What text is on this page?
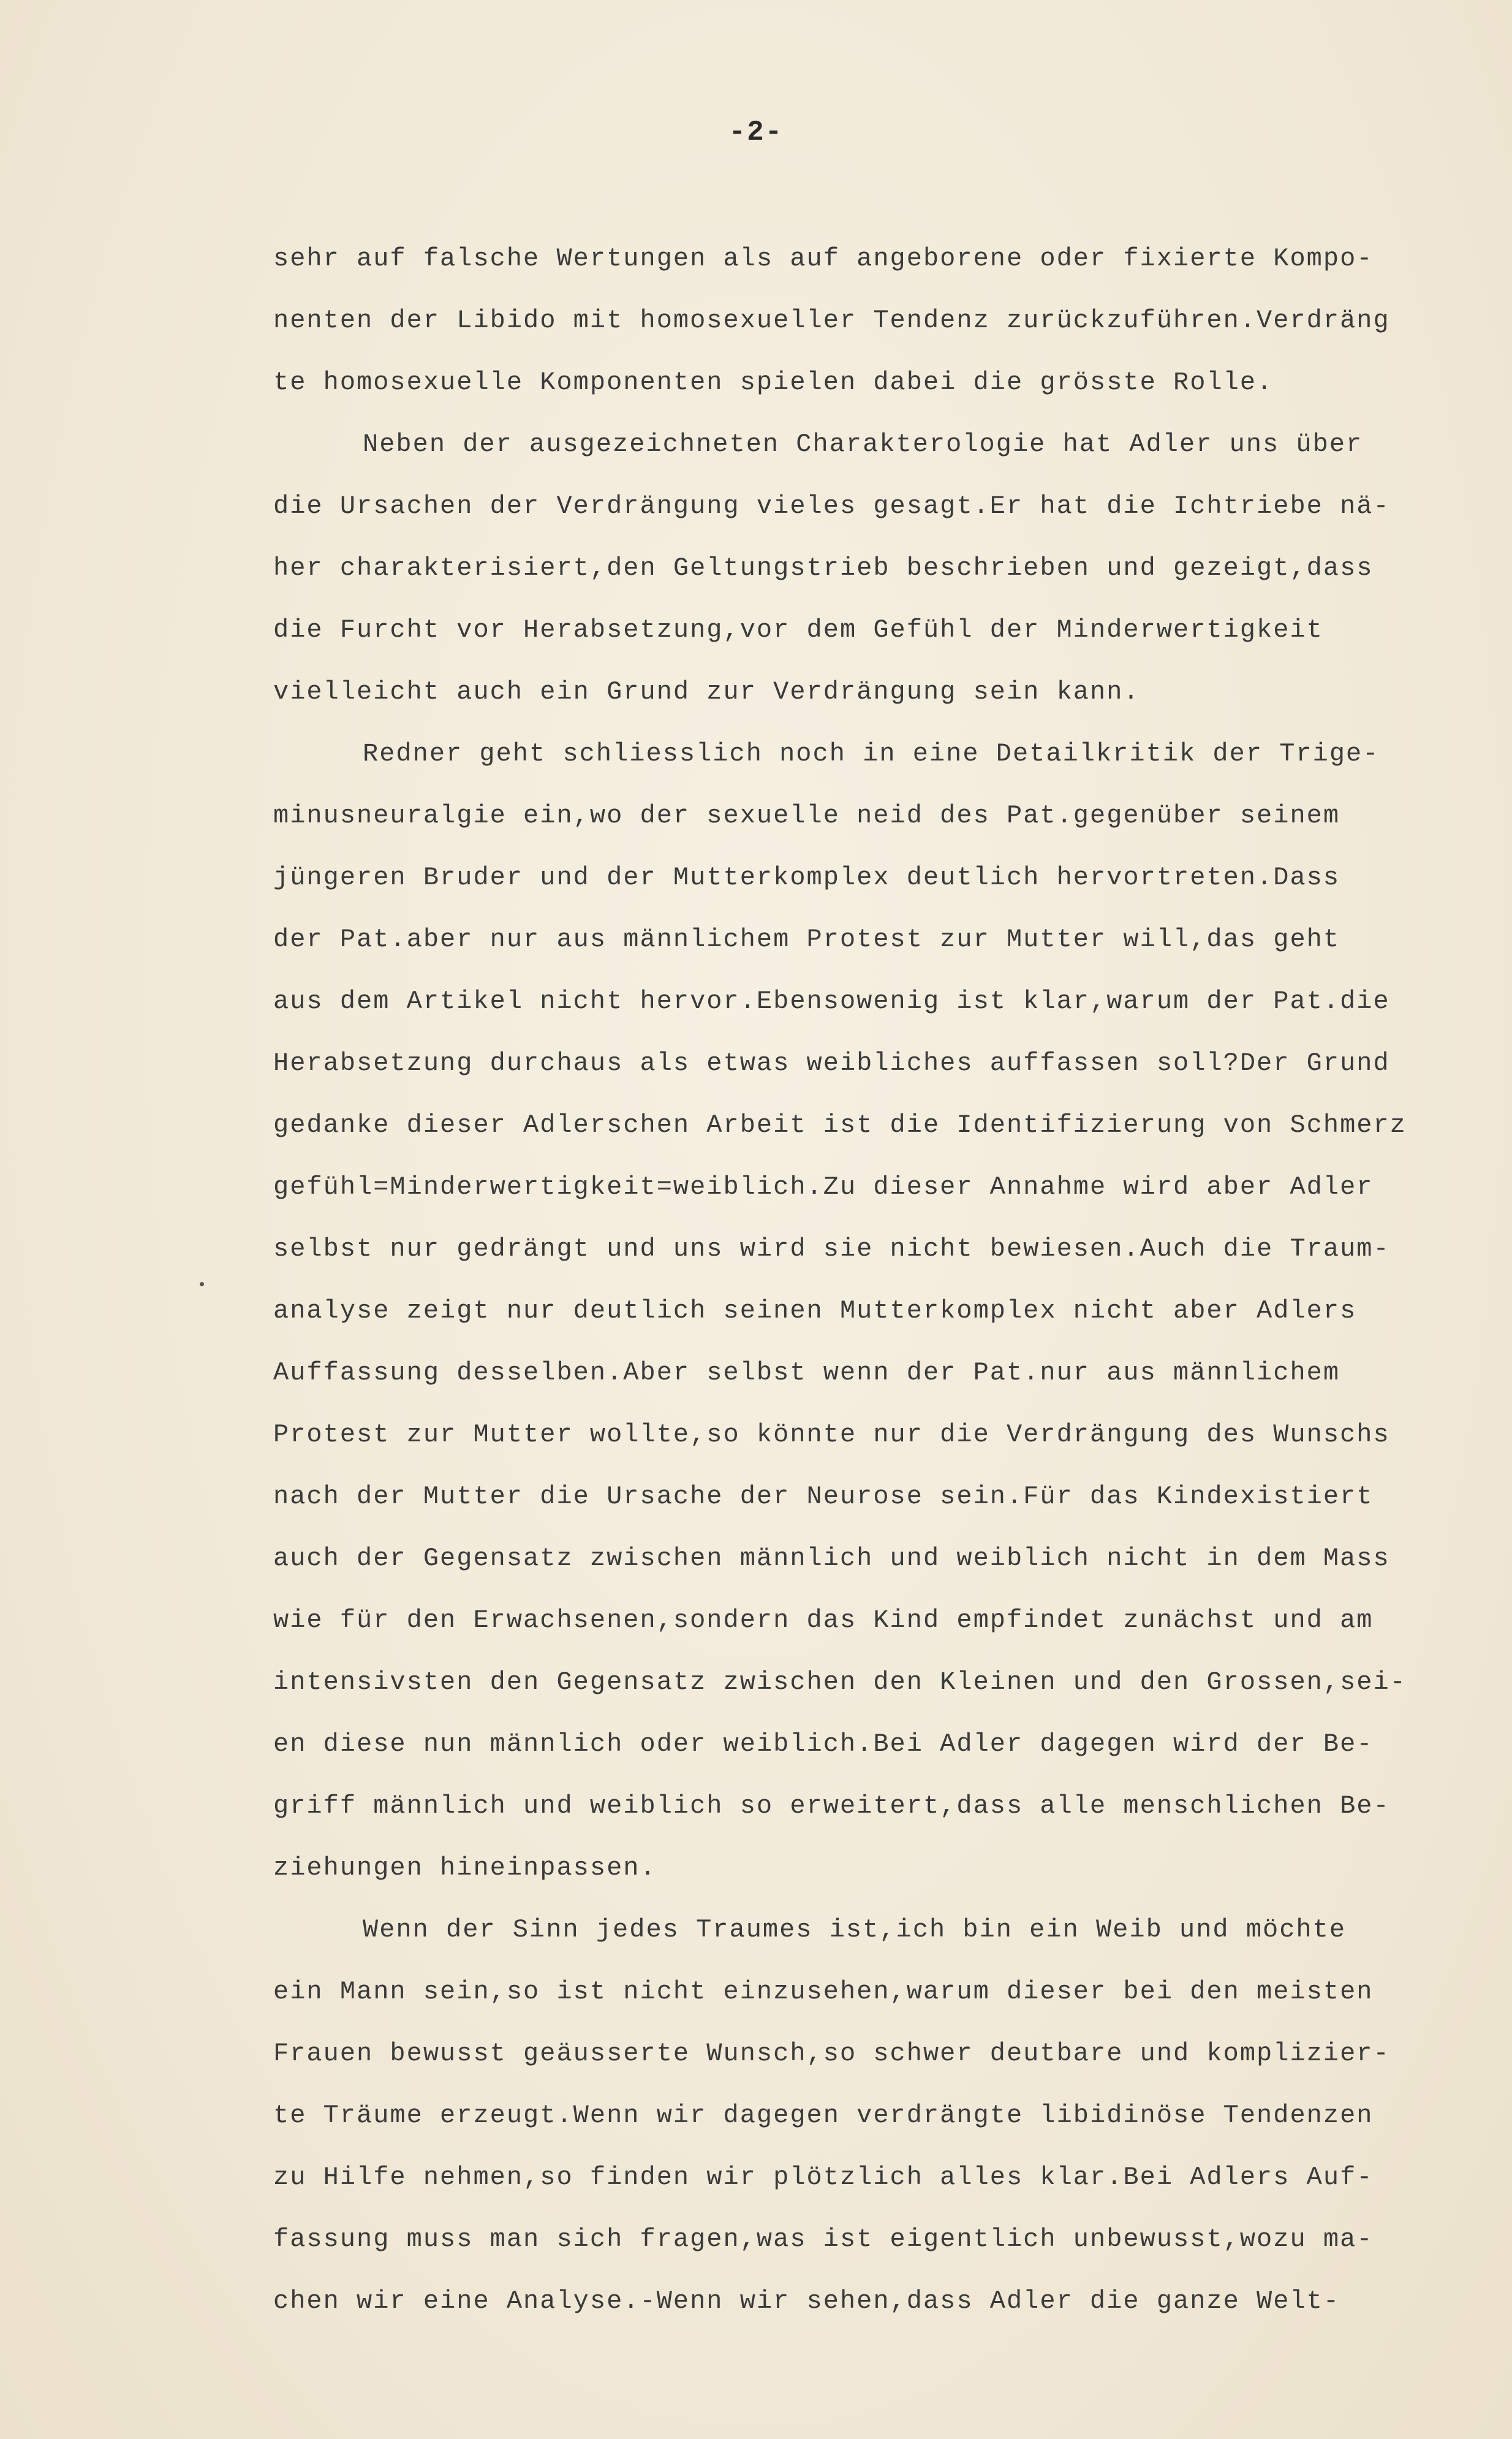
-2-
sehr auf falsche Wertungen als auf angeborene oder fixierte Kompo-
nenten der Libido mit homosexueller Tendenz zurückzuführen.Verdräng
te homosexuelle Komponenten spielen dabei die grösste Rolle.
Neben der ausgezeichneten Charakterologie hat Adler uns über
die Ursachen der Verdrängung vieles gesagt.Er hat die Ichtriebe nä-
her charakterisiert,den Geltungstrieb beschrieben und gezeigt,dass
die Furcht vor Herabsetzung,vor dem Gefühl der Minderwertigkeit
vielleicht auch ein Grund zur Verdrängung sein kann.
Redner geht schliesslich noch in eine Detailkritik der Trige-
minusneuralgie ein,wo der sexuelle neid des Pat.gegenüber seinem
jüngeren Bruder und der Mutterkomplex deutlich hervortreten.Dass
der Pat.aber nur aus männlichem Protest zur Mutter will,das geht
aus dem Artikel nicht hervor.Ebensowenig ist klar,warum der Pat.die
Herabsetzung durchaus als etwas weibliches auffassen soll?Der Grund
gedanke dieser Adlerschen Arbeit ist die Identifizierung von Schmerz
gefühl=Minderwertigkeit=weiblich.Zu dieser Annahme wird aber Adler
selbst nur gedrängt und uns wird sie nicht bewiesen.Auch die Traum-
analyse zeigt nur deutlich seinen Mutterkomplex nicht aber Adlers
Auffassung desselben.Aber selbst wenn der Pat.nur aus männlichem
Protest zur Mutter wollte,so könnte nur die Verdrängung des Wunschs
nach der Mutter die Ursache der Neurose sein.Für das Kindexistiert
auch der Gegensatz zwischen männlich und weiblich nicht in dem Mass
wie für den Erwachsenen,sondern das Kind empfindet zunächst und am
intensivsten den Gegensatz zwischen den Kleinen und den Grossen,sei-
en diese nun männlich oder weiblich.Bei Adler dagegen wird der Be-
griff männlich und weiblich so erweitert,dass alle menschlichen Be-
ziehungen hineinpassen.
Wenn der Sinn jedes Traumes ist,ich bin ein Weib und möchte
ein Mann sein,so ist nicht einzusehen,warum dieser bei den meisten
Frauen bewusst geäusserte Wunsch,so schwer deutbare und komplizier-
te Träume erzeugt.Wenn wir dagegen verdrängte libidinöse Tendenzen
zu Hilfe nehmen,so finden wir plötzlich alles klar.Bei Adlers Auf-
fassung muss man sich fragen,was ist eigentlich unbewusst,wozu ma-
chen wir eine Analyse.-Wenn wir sehen,dass Adler die ganze Welt-
